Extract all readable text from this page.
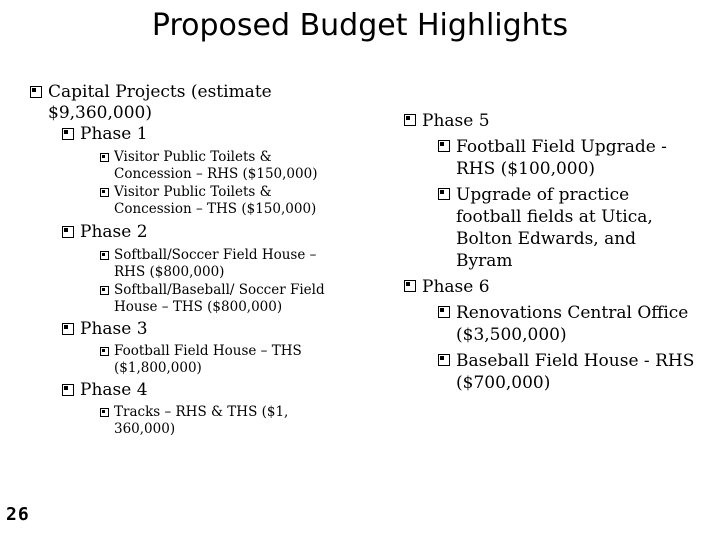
Proposed Budget Highlights
Capital Projects (estimate $9,360,000)
Phase 1
Visitor Public Toilets & Concession – RHS ($150,000)
Visitor Public Toilets & Concession – THS ($150,000)
Phase 2
Softball/Soccer Field House – RHS ($800,000)
Softball/Baseball/ Soccer Field House – THS ($800,000)
Phase 3
Football Field House – THS ($1,800,000)
Phase 4
Tracks – RHS & THS ($1, 360,000)
Phase 5
Football Field Upgrade - RHS ($100,000)
Upgrade of practice football fields at Utica, Bolton Edwards, and Byram
Phase 6
Renovations Central Office ($3,500,000)
Baseball Field House - RHS ($700,000)
26
